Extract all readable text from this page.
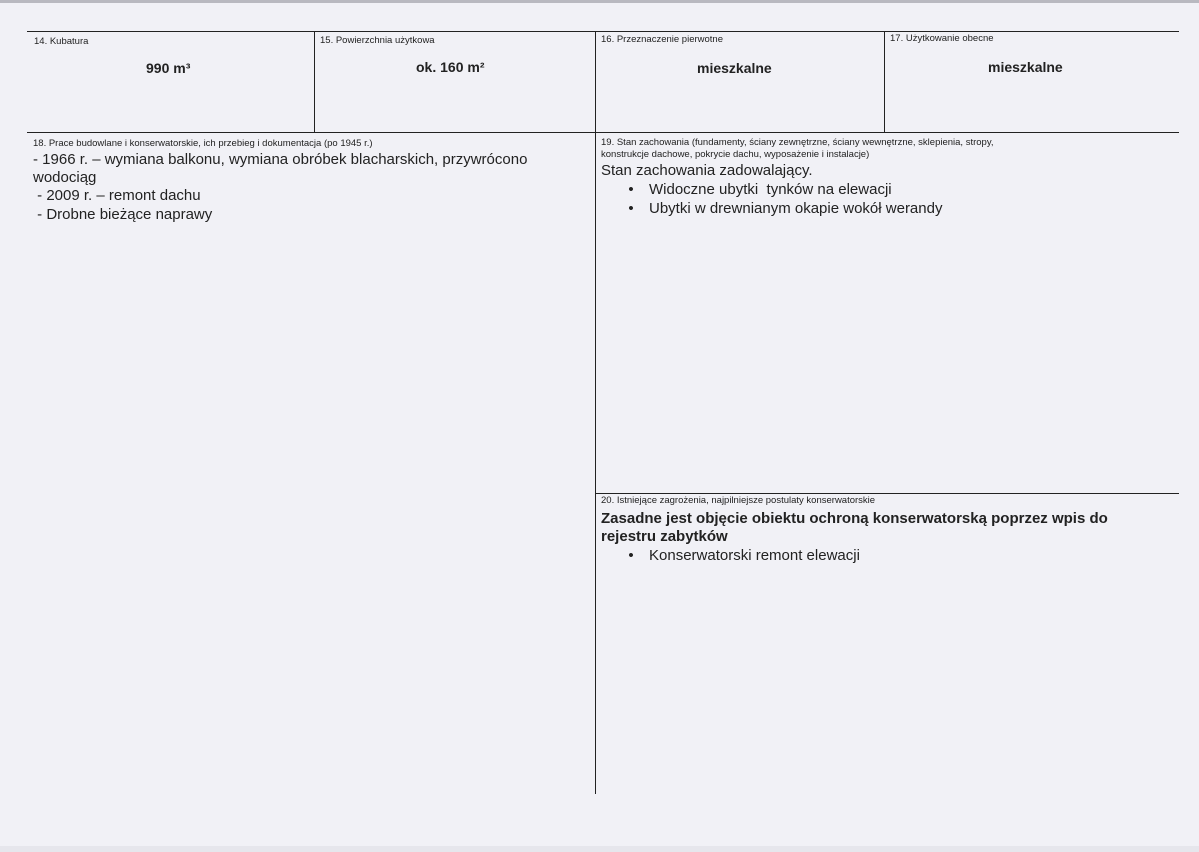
14. Kubatura
990 m³
15. Powierzchnia użytkowa
ok. 160 m²
16. Przeznaczenie pierwotne
mieszkalne
17. Użytkowanie obecne
mieszkalne
18. Prace budowlane i konserwatorskie, ich przebieg i dokumentacja (po 1945 r.)
- 1966 r. – wymiana balkonu, wymiana obróbek blacharskich, przywrócono
wodociąg
- 2009 r. – remont dachu
- Drobne bieżące naprawy
19. Stan zachowania (fundamenty, ściany zewnętrzne, ściany wewnętrzne, sklepienia, stropy,
konstrukcje dachowe, pokrycie dachu, wyposażenie i instalacje)
Stan zachowania zadowalający.
•	Widoczne ubytki  tynków na elewacji
•	Ubytki w drewnianym okapie wokół werandy
20. Istniejące zagrożenia, najpilniejsze postulaty konserwatorskie
Zasadne jest objęcie obiektu ochroną konserwatorską poprzez wpis do
rejestru zabytków
•	Konserwatorski remont elewacji
